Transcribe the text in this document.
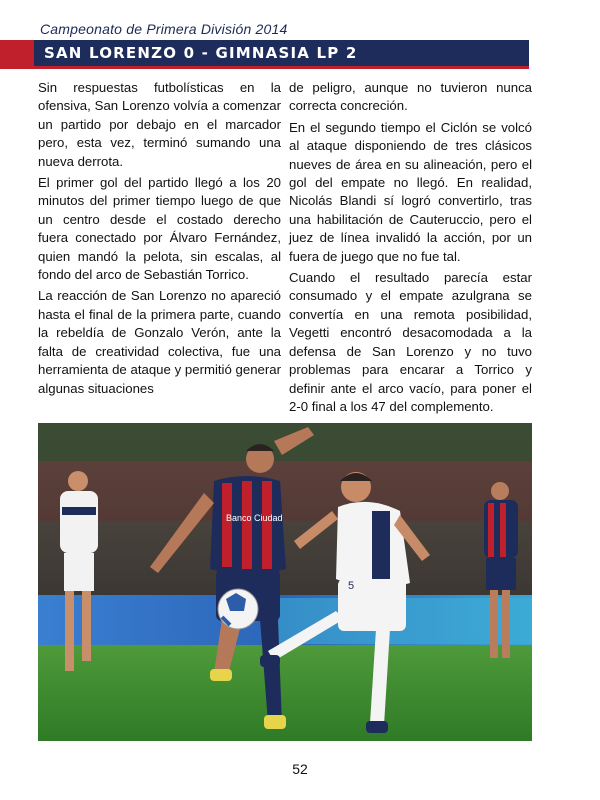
Campeonato de Primera División 2014
SAN LORENZO 0 - GIMNASIA LP 2

Sin respuestas futbolísticas en la ofensiva, San Lorenzo volvía a comenzar un partido por debajo en el marcador pero, esta vez, terminó sumando una nueva derrota.

El primer gol del partido llegó a los 20 minutos del primer tiempo luego de que un centro desde el costado derecho fuera conectado por Álvaro Fernández, quien mandó la pelota, sin escalas, al fondo del arco de Sebastián Torrico.

La reacción de San Lorenzo no apareció hasta el final de la primera parte, cuando la rebeldía de Gonzalo Verón, ante la falta de creatividad colectiva, fue una herramienta de ataque y permitió generar algunas situaciones

de peligro, aunque no tuvieron nunca correcta concreción.

En el segundo tiempo el Ciclón se volcó al ataque disponiendo de tres clásicos nueves de área en su alineación, pero el gol del empate no llegó. En realidad, Nicolás Blandi sí logró convertirlo, tras una habilitación de Cauteruccio, pero el juez de línea invalidó la acción, por un fuera de juego que no fue tal.

Cuando el resultado parecía estar consumado y el empate azulgrana se convertía en una remota posibilidad, Vegetti encontró desacomodada a la defensa de San Lorenzo y no tuvo problemas para encarar a Torrico y definir ante el arco vacío, para poner el 2-0 final a los 47 del complemento.

Banco Ciudad
5
52
